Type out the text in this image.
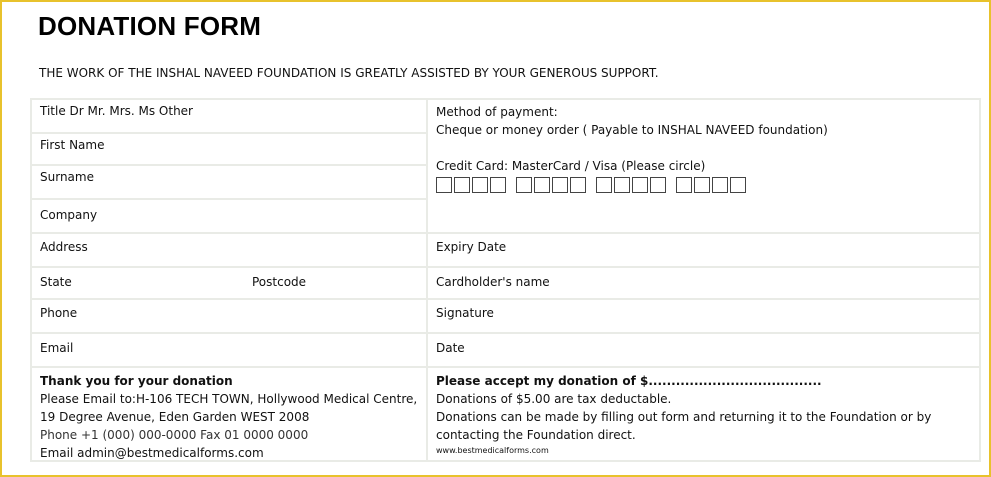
DONATION FORM
THE WORK OF THE INSHAL NAVEED FOUNDATION IS GREATLY ASSISTED BY YOUR GENEROUS SUPPORT.
Title Dr Mr. Mrs. Ms Other
First Name
Surname
Company
Address
State	Postcode
Phone
Email
Thank you for your donation
Please Email to:H-106 TECH TOWN, Hollywood Medical Centre,
19 Degree Avenue, Eden Garden WEST 2008
Phone +1 (000) 000-0000 Fax 01 0000 0000
Email admin@bestmedicalforms.com
Method of payment:
Cheque or money order ( Payable to INSHAL NAVEED foundation)
Credit Card: MasterCard / Visa (Please circle)
Expiry Date
Cardholder's name
Signature
Date
Please accept my donation of $......................................
Donations of $5.00 are tax deductable.
Donations can be made by filling out form and returning it to the Foundation or by
contacting the Foundation direct.
www.bestmedicalforms.com
